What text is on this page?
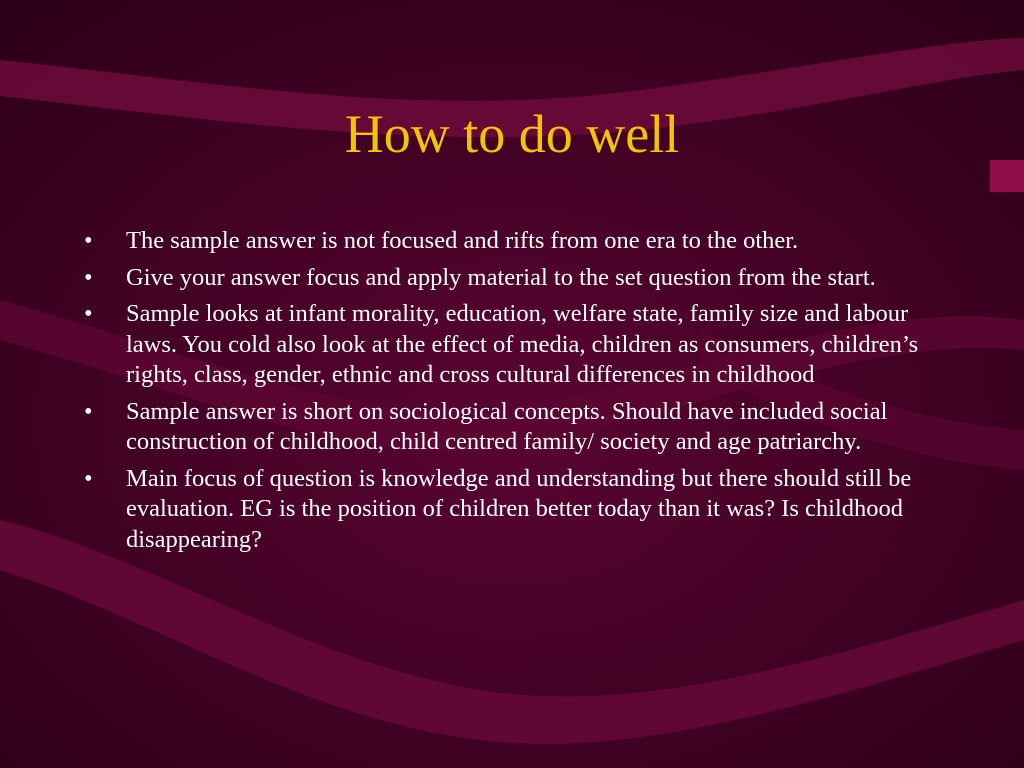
How to do well
• The sample answer is not focused and rifts from one era to the other.
• Give your answer focus and apply material to the set question from the start.
• Sample looks at infant morality, education, welfare state, family size and labour laws. You cold also look at the effect of media, children as consumers, children’s rights, class, gender, ethnic and cross cultural differences in childhood
• Sample answer is short on sociological concepts. Should have included social construction of childhood, child centred family/ society and age patriarchy.
• Main focus of question is knowledge and understanding but there should still be evaluation. EG is the position of children better today than it was? Is childhood disappearing?
